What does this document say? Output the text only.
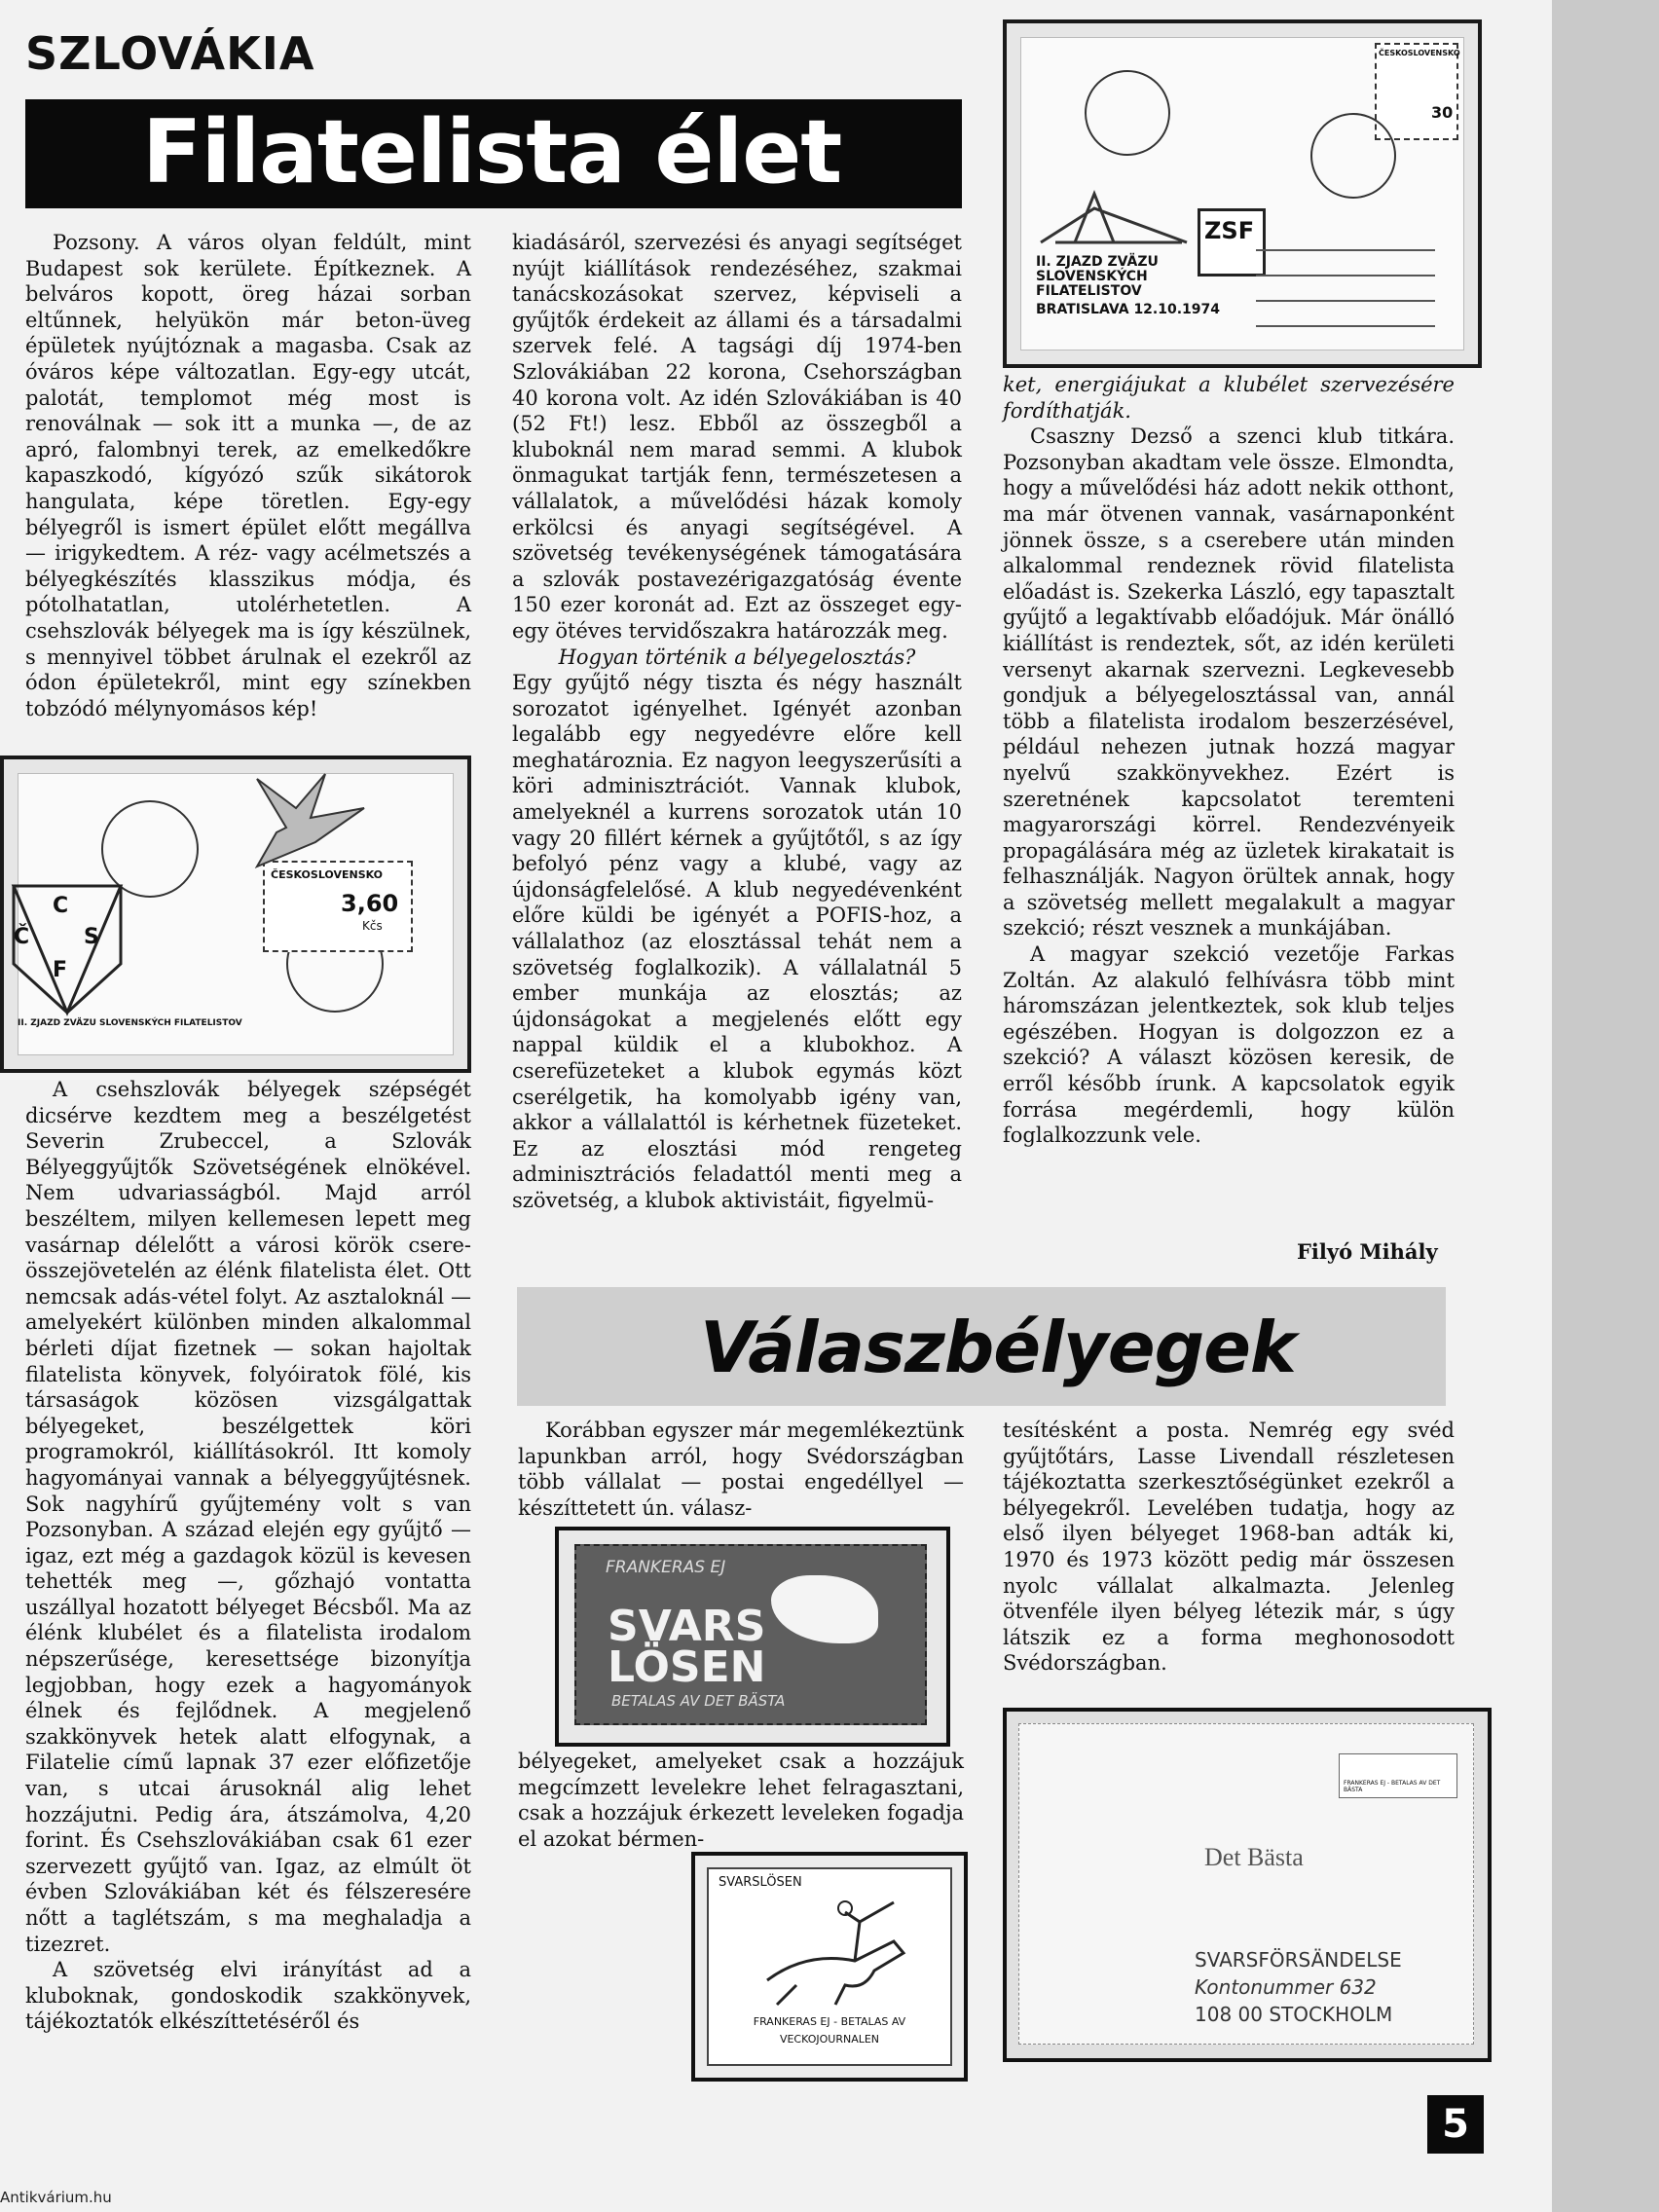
SZLOVÁKIA
Filatelista élet

Pozsony. A város olyan feldúlt, mint Budapest sok kerülete. Építkeznek. A belváros kopott, öreg házai sorban eltűnnek, helyükön már beton-üveg épületek nyújtóznak a magasba. Csak az óváros képe változatlan. Egy-egy utcát, palotát, templomot még most is renoválnak — sok itt a munka —, de az apró, falombnyi terek, az emelkedőkre kapaszkodó, kígyózó szűk sikátorok hangulata, képe töretlen. Egy-egy bélyegről is ismert épület előtt megállva — irigykedtem. A réz- vagy acélmetszés a bélyegkészítés klasszikus módja, és pótolhatatlan, utolérhetetlen. A csehszlovák bélyegek ma is így készülnek, s mennyivel többet árulnak el ezekről az ódon épületekről, mint egy színekben tobzódó mélynyomásos kép!

ČESKOSLOVENSKO
3,60
Kčs
C
Č	S
F
II. ZJAZD ZVÄZU SLOVENSKÝCH FILATELISTOV

A csehszlovák bélyegek szépségét dicsérve kezdtem meg a beszélgetést Severin Zrubeccel, a Szlovák Bélyeggyűjtők Szövetségének elnökével. Nem udvariasságból. Majd arról beszéltem, milyen kellemesen lepett meg vasárnap délelőtt a városi körök csere-összejövetelén az élénk filatelista élet. Ott nemcsak adás-vétel folyt. Az asztaloknál — amelyekért különben minden alkalommal bérleti díjat fizetnek — sokan hajoltak filatelista könyvek, folyóiratok fölé, kis társaságok közösen vizsgálgattak bélyegeket, beszélgettek köri programokról, kiállításokról. Itt komoly hagyományai vannak a bélyeggyűjtésnek. Sok nagyhírű gyűjtemény volt s van Pozsonyban. A század elején egy gyűjtő — igaz, ezt még a gazdagok közül is kevesen tehették meg —, gőzhajó vontatta uszállyal hozatott bélyeget Bécsből. Ma az élénk klubélet és a filatelista irodalom népszerűsége, keresettsége bizonyítja legjobban, hogy ezek a hagyományok élnek és fejlődnek. A megjelenő szakkönyvek hetek alatt elfogynak, a Filatelie című lapnak 37 ezer előfizetője van, s utcai árusoknál alig lehet hozzájutni. Pedig ára, átszámolva, 4,20 forint. És Csehszlovákiában csak 61 ezer szervezett gyűjtő van. Igaz, az elmúlt öt évben Szlovákiában két és félszeresére nőtt a taglétszám, s ma meghaladja a tizezret.

A szövetség elvi irányítást ad a kluboknak, gondoskodik szakkönyvek, tájékoztatók elkészíttetéséről és

kiadásáról, szervezési és anyagi segítséget nyújt kiállítások rendezéséhez, szakmai tanácskozásokat szervez, képviseli a gyűjtők érdekeit az állami és a társadalmi szervek felé. A tagsági díj 1974-ben Szlovákiában 22 korona, Csehországban 40 korona volt. Az idén Szlovákiában is 40 (52 Ft!) lesz. Ebből az összegből a kluboknál nem marad semmi. A klubok önmagukat tartják fenn, természetesen a vállalatok, a művelődési házak komoly erkölcsi és anyagi segítségével. A szövetség tevékenységének támogatására a szlovák postavezérigazgatóság évente 150 ezer koronát ad. Ezt az összeget egy-egy ötéves tervidőszakra határozzák meg.

Hogyan történik a bélyegelosztás?

Egy gyűjtő négy tiszta és négy használt sorozatot igényelhet. Igényét azonban legalább egy negyedévre előre kell meghatároznia. Ez nagyon leegyszerűsíti a köri adminisztrációt. Vannak klubok, amelyeknél a kurrens sorozatok után 10 vagy 20 fillért kérnek a gyűjtőtől, s az így befolyó pénz vagy a klubé, vagy az újdonságfelelősé. A klub negyedévenként előre küldi be igényét a POFIS-hoz, a vállalathoz (az elosztással tehát nem a szövetség foglalkozik). A vállalatnál 5 ember munkája az elosztás; az újdonságokat a megjelenés előtt egy nappal küldik el a klubokhoz. A cserefüzeteket a klubok egymás közt cserélgetik, ha komolyabb igény van, akkor a vállalattól is kérhetnek füzeteket. Ez az elosztási mód rengeteg adminisztrációs feladattól menti meg a szövetség, a klubok aktivistáit, figyelmü-

ČESKOSLOVENSKO
30
ZSF
II. ZJAZD ZVÄZU SLOVENSKÝCH FILATELISTOV
BRATISLAVA 12.10.1974

ket, energiájukat a klubélet szervezésére fordíthatják.

Csaszny Dezső a szenci klub titkára. Pozsonyban akadtam vele össze. Elmondta, hogy a művelődési ház adott nekik otthont, ma már ötvenen vannak, vasárnaponként jönnek össze, s a cserebere után minden alkalommal rendeznek rövid filatelista előadást is. Szekerka László, egy tapasztalt gyűjtő a legaktívabb előadójuk. Már önálló kiállítást is rendeztek, sőt, az idén kerületi versenyt akarnak szervezni. Legkevesebb gondjuk a bélyegelosztással van, annál több a filatelista irodalom beszerzésével, például nehezen jutnak hozzá magyar nyelvű szakkönyvekhez. Ezért is szeretnének kapcsolatot teremteni magyarországi körrel. Rendezvényeik propagálására még az üzletek kirakatait is felhasználják. Nagyon örültek annak, hogy a szövetség mellett megalakult a magyar szekció; részt vesznek a munkájában.

A magyar szekció vezetője Farkas Zoltán. Az alakuló felhívásra több mint háromszázan jelentkeztek, sok klub teljes egészében. Hogyan is dolgozzon ez a szekció? A választ közösen keresik, de erről később írunk. A kapcsolatok egyik forrása megérdemli, hogy külön foglalkozzunk vele.

Filyó Mihály
Válaszbélyegek

Korábban egyszer már megemlékeztünk lapunkban arról, hogy Svédországban több vállalat — postai engedéllyel — készíttetett ún. válasz-

FRANKERAS EJ
SVARS
LÖSEN
BETALAS AV DET BÄSTA

bélyegeket, amelyeket csak a hozzájuk megcímzett levelekre lehet felragasztani, csak a hozzájuk érkezett leveleken fogadja el azokat bérmen-

SVARSLÖSEN
FRANKERAS EJ - BETALAS AV
VECKOJOURNALEN

tesítésként a posta. Nemrég egy svéd gyűjtőtárs, Lasse Livendall részletesen tájékoztatta szerkesztőségünket ezekről a bélyegekről. Levelében tudatja, hogy az első ilyen bélyeget 1968-ban adták ki, 1970 és 1973 között pedig már összesen nyolc vállalat alkalmazta. Jelenleg ötvenféle ilyen bélyeg létezik már, s úgy látszik ez a forma meghonosodott Svédországban.

FRANKERAS EJ - BETALAS AV DET BÄSTA
Det Bästa
SVARSFÖRSÄNDELSE
Kontonummer 632
108 00 STOCKHOLM
5
Antikvárium.hu
